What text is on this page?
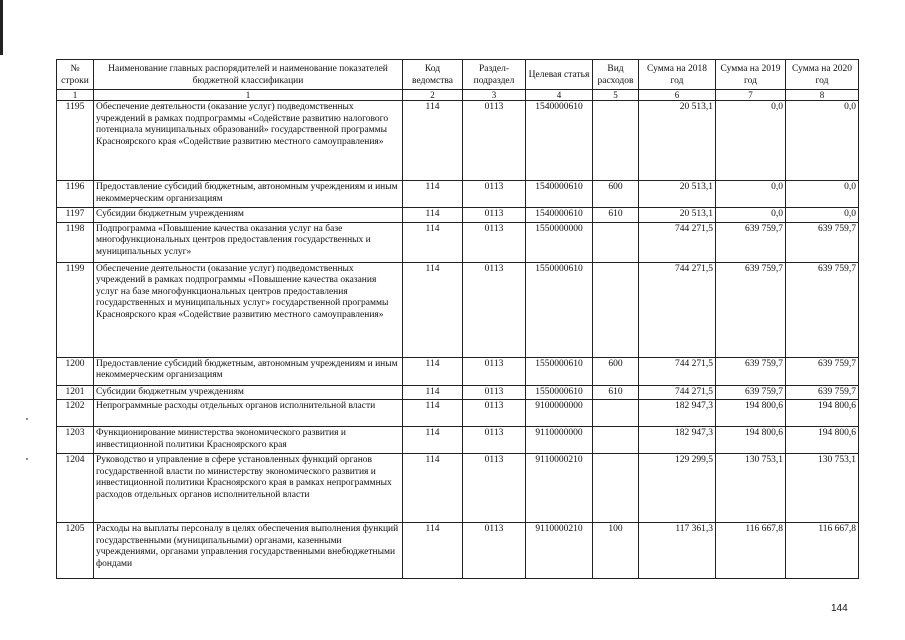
№ строки	Наименование главных распорядителей и наименование показателей бюджетной классификации	Код ведомства	Раздел-подраздел	Целевая статья	Вид расходов	Сумма на 2018 год	Сумма на 2019 год	Сумма на 2020 год
1	1	2	3	4	5	6	7	8
1195	Обеспечение деятельности (оказание услуг) подведомственных учреждений в рамках подпрограммы «Содействие развитию налогового потенциала муниципальных образований» государственной программы Красноярского края «Содействие развитию местного самоуправления»	114	0113	1540000610		20 513,1	0,0	0,0
1196	Предоставление субсидий бюджетным, автономным учреждениям и иным некоммерческим организациям	114	0113	1540000610	600	20 513,1	0,0	0,0
1197	Субсидии бюджетным учреждениям	114	0113	1540000610	610	20 513,1	0,0	0,0
1198	Подпрограмма «Повышение качества оказания услуг на базе многофункциональных центров предоставления государственных и муниципальных услуг»	114	0113	1550000000		744 271,5	639 759,7	639 759,7
1199	Обеспечение деятельности (оказание услуг) подведомственных учреждений в рамках подпрограммы «Повышение качества оказания услуг на базе многофункциональных центров предоставления государственных и муниципальных услуг» государственной программы Красноярского края «Содействие развитию местного самоуправления»	114	0113	1550000610		744 271,5	639 759,7	639 759,7
1200	Предоставление субсидий бюджетным, автономным учреждениям и иным некоммерческим организациям	114	0113	1550000610	600	744 271,5	639 759,7	639 759,7
1201	Субсидии бюджетным учреждениям	114	0113	1550000610	610	744 271,5	639 759,7	639 759,7
1202	Непрограммные расходы отдельных органов исполнительной власти	114	0113	9100000000		182 947,3	194 800,6	194 800,6
1203	Функционирование министерства экономического развития и инвестиционной политики Красноярского края	114	0113	9110000000		182 947,3	194 800,6	194 800,6
1204	Руководство и управление в сфере установленных функций органов государственной власти по министерству экономического развития и инвестиционной политики Красноярского края в рамках непрограммных расходов отдельных органов исполнительной власти	114	0113	9110000210		129 299,5	130 753,1	130 753,1
1205	Расходы на выплаты персоналу в целях обеспечения выполнения функций государственными (муниципальными) органами, казенными учреждениями, органами управления государственными внебюджетными фондами	114	0113	9110000210	100	117 361,3	116 667,8	116 667,8
144
